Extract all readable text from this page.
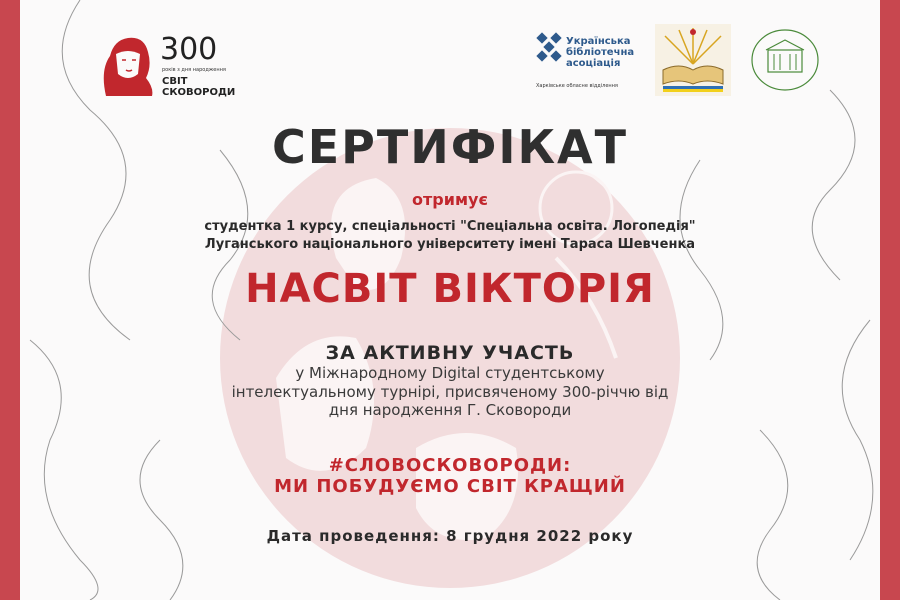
300
років з дня народження
СВІТ
СКОВОРОДИ
Українська
бібліотечна
асоціація
Харківське обласне відділення
СЕРТИФІКАТ
отримує
студентка 1 курсу, спеціальності "Спеціальна освіта. Логопедія"
Луганського національного університету імені Тараса Шевченка
НАСВІТ ВІКТОРІЯ
ЗА АКТИВНУ УЧАСТЬ
у Міжнародному Digital студентському
інтелектуальному турнірі, присвяченому 300-річчю від
дня народження Г. Сковороди
#СЛОВОСКОВОРОДИ:
МИ ПОБУДУЄМО СВІТ КРАЩИЙ
Дата проведення: 8 грудня 2022 року
